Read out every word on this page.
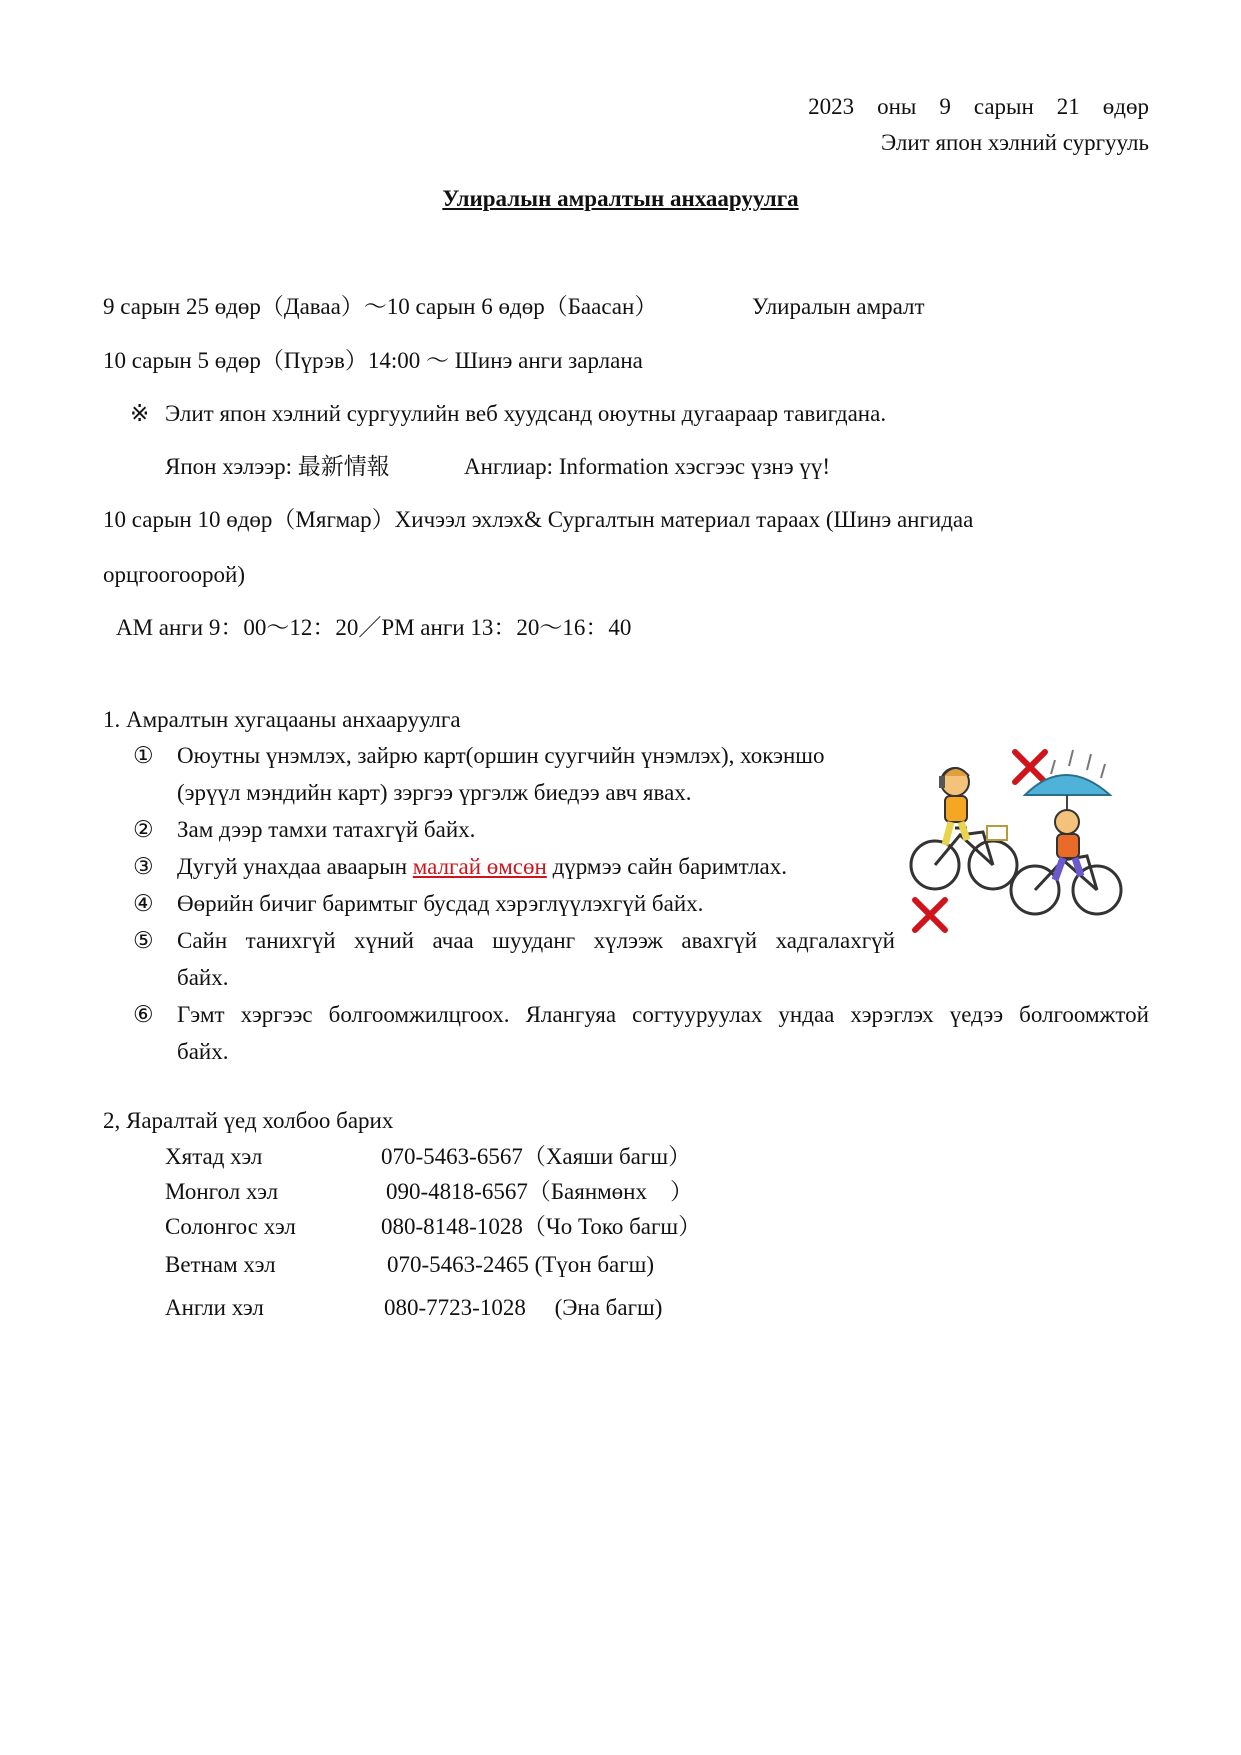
2023　оны　9　сарын　21　өдөр
Элит япон хэлний сургууль
Улиралын амралтын анхааруулга
9 сарын 25 өдөр（Даваа）～10 сарын 6 өдөр（Баасан）	Улиралын амралт
10 сарын 5 өдөр（Пүрэв）14:00 ～ Шинэ анги зарлана
※ Элит япон хэлний сургуулийн веб хуудсанд оюутны дугаараар тавигдана.
Япон хэлээр: 最新情報	Англиар: Information хэсгээс үзнэ үү!
10 сарын 10 өдөр（Мягмар）Хичээл эхлэх& Сургалтын материал тараах (Шинэ ангидаа
орцгоогоорой)
AM анги 9：00～12：20／PM анги 13：20～16：40
1. Амралтын хугацааны анхааруулга
① Оюутны үнэмлэх, зайрю карт(оршин суугчийн үнэмлэх), хокэншо
(эрүүл мэндийн карт) зэргээ үргэлж биедээ авч явах.
② Зам дээр тамхи татахгүй байх.
③ Дугуй унахдаа аваарын малгай өмсөн дүрмээ сайн баримтлах.
④ Өөрийн бичиг баримтыг бусдад хэрэглүүлэхгүй байх.
⑤ Сайн танихгүй хүний ачаа шууданг хүлээж авахгүй хадгалахгүй
байх.
⑥ Гэмт хэргээс болгоомжилцгоох. Ялангуяа согтууруулах ундаа хэрэглэх үедээ болгоомжтой
байх.
2, Яаралтай үед холбоо барих
Хятад хэл	070-5463-6567（Хаяши багш）
Монгол хэл	090-4818-6567（Баянмөнх　）
Солонгос хэл	080-8148-1028（Чо Токо багш）
Ветнам хэл	070-5463-2465 (Түон багш)
Англи хэл	080-7723-1028　 (Эна багш)
